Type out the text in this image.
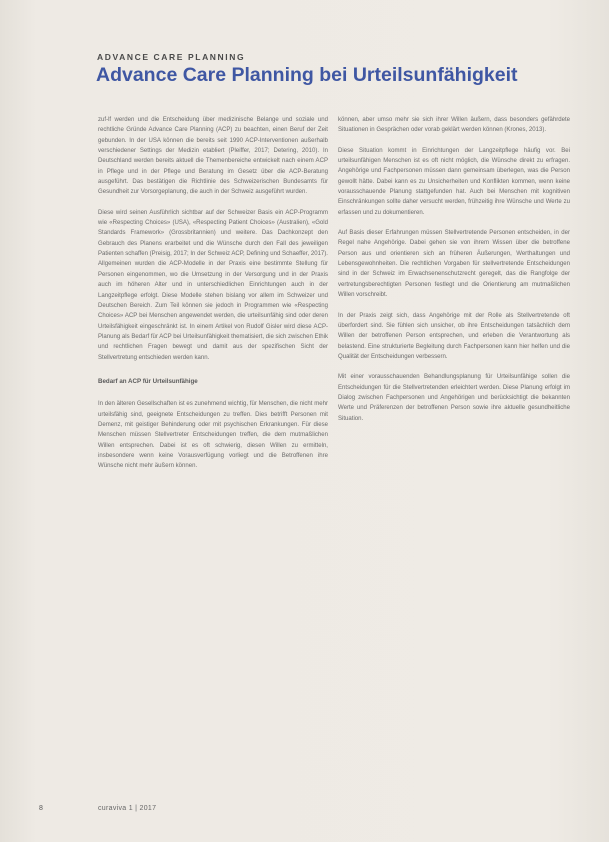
ADVANCE CARE PLANNING
Advance Care Planning bei Urteilsunfähigkeit

zuf-lf werden und die Entscheidung über medizinische Belange und soziale und rechtliche Gründe Advance Care Planning (ACP) zu beachten, einen Beruf der Zeit gebunden. In der USA können die bereits seit 1990 ACP-Interventionen außerhalb verschiedener Settings der Medizin etabliert (Pleiffer, 2017; Detering, 2010). In Deutschland werden bereits aktuell die Themenbereiche entwickelt nach einem ACP in Pflege und in der Pflege und Beratung im Gesetz über die ACP-Beratung ausgeführt. Das bestätigen die Richtlinie des Schweizerischen Bundesamts für Gesundheit zur Vorsorgeplanung, die auch in der Schweiz ausgeführt wurden.

Diese wird seinen Ausführlich sichtbar auf der Schweizer Basis ein ACP-Programm wie «Respecting Choices» (USA), «Respecting Patient Choices» (Australien), «Gold Standards Framework» (Grossbritannien) und weitere. Das Dachkonzept den Gebrauch des Planens erarbeitet und die Wünsche durch den Fall des jeweiligen Patienten schaffen (Preisig, 2017; In der Schweiz ACP, Defining und Schaeffer, 2017). Allgemeinen wurden die ACP-Modelle in der Praxis eine bestimmte Stellung für Personen eingenommen, wo die Umsetzung in der Versorgung und in der Praxis auch im höheren Alter und in unterschiedlichen Einrichtungen auch in der Langzeitpflege erfolgt. Diese Modelle stehen bislang vor allem im Schweizer und Deutschen Bereich. Zum Teil können sie jedoch in Programmen wie «Respecting Choices» ACP bei Menschen angewendet werden, die urteilsunfähig sind oder deren Urteilsfähigkeit eingeschränkt ist. In einem Artikel von Rudolf Gisler wird diese ACP-Planung als Bedarf für ACP bei Urteilsunfähigkeit thematisiert, die sich zwischen Ethik und rechtlichen Fragen bewegt und damit aus der spezifischen Sicht der Stellvertretung entschieden werden kann.

Bedarf an ACP für Urteilsunfähige

In den älteren Gesellschaften ist es zunehmend wichtig, für Menschen, die nicht mehr urteilsfähig sind, geeignete Entscheidungen zu treffen. Dies betrifft Personen mit Demenz, mit geistiger Behinderung oder mit psychischen Erkrankungen. Für diese Menschen müssen Stellvertreter Entscheidungen treffen, die dem mutmaßlichen Willen entsprechen. Dabei ist es oft schwierig, diesen Willen zu ermitteln, insbesondere wenn keine Vorausverfügung vorliegt und die Betroffenen ihre Wünsche nicht mehr äußern können.

können, aber umso mehr sie sich ihrer Willen äußern, dass besonders gefährdete Situationen in Gesprächen oder vorab geklärt werden können (Krones, 2013).

Diese Situation kommt in Einrichtungen der Langzeitpflege häufig vor. Bei urteilsunfähigen Menschen ist es oft nicht möglich, die Wünsche direkt zu erfragen. Angehörige und Fachpersonen müssen dann gemeinsam überlegen, was die Person gewollt hätte. Dabei kann es zu Unsicherheiten und Konflikten kommen, wenn keine vorausschauende Planung stattgefunden hat. Auch bei Menschen mit kognitiven Einschränkungen sollte daher versucht werden, frühzeitig ihre Wünsche und Werte zu erfassen und zu dokumentieren.

Auf Basis dieser Erfahrungen müssen Stellvertretende Personen entscheiden, in der Regel nahe Angehörige. Dabei gehen sie von ihrem Wissen über die betroffene Person aus und orientieren sich an früheren Äußerungen, Werthaltungen und Lebensgewohnheiten. Die rechtlichen Vorgaben für stellvertretende Entscheidungen sind in der Schweiz im Erwachsenenschutzrecht geregelt, das die Rangfolge der vertretungsberechtigten Personen festlegt und die Orientierung am mutmaßlichen Willen vorschreibt.

In der Praxis zeigt sich, dass Angehörige mit der Rolle als Stellvertretende oft überfordert sind. Sie fühlen sich unsicher, ob ihre Entscheidungen tatsächlich dem Willen der betroffenen Person entsprechen, und erleben die Verantwortung als belastend. Eine strukturierte Begleitung durch Fachpersonen kann hier helfen und die Qualität der Entscheidungen verbessern.

Mit einer vorausschauenden Behandlungsplanung für Urteilsunfähige sollen die Entscheidungen für die Stellvertretenden erleichtert werden. Diese Planung erfolgt im Dialog zwischen Fachpersonen und Angehörigen und berücksichtigt die bekannten Werte und Präferenzen der betroffenen Person sowie ihre aktuelle gesundheitliche Situation.

8	curaviva 1 | 2017
